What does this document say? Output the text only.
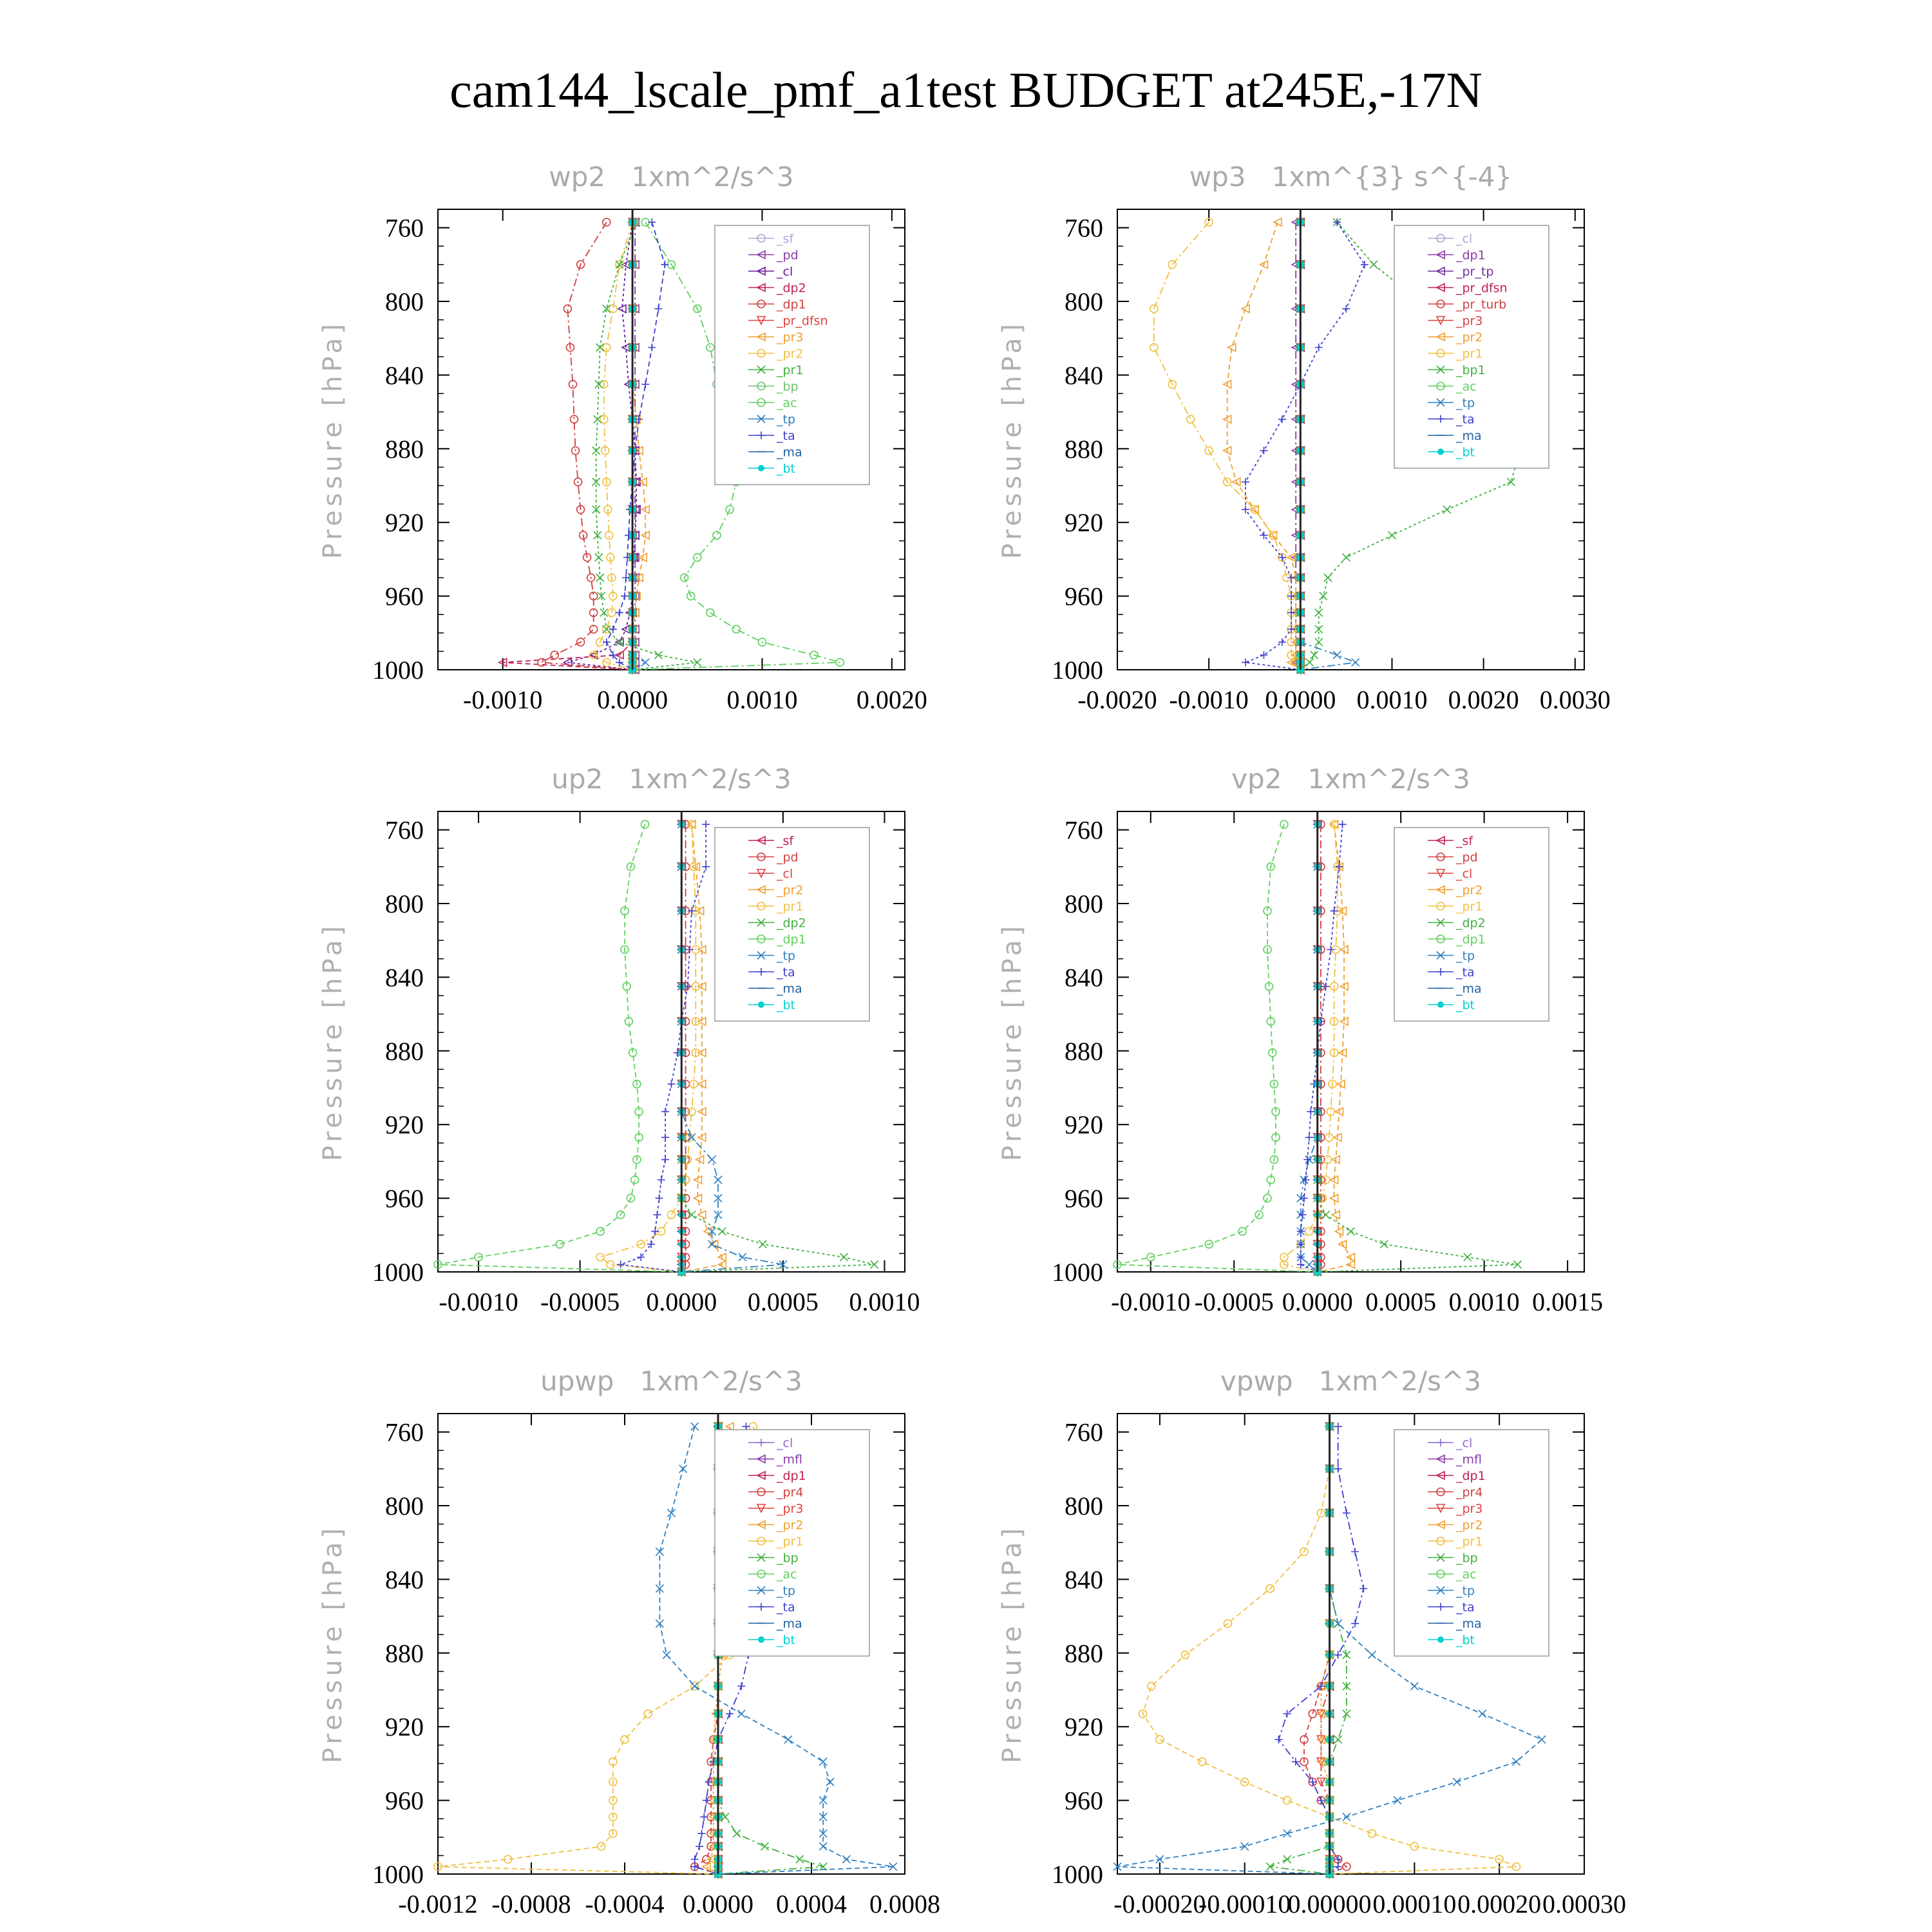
cam144_lscale_pmf_a1test BUDGET at245E,-17N
wp2   1xm^2/s^3
760
800
840
880
920
960
1000
-0.0010 0.0000 0.0010 0.0020
Pressure [hPa]
_sf
_pd
_cl
_dp2
_dp1
_pr_dfsn
_pr3
_pr2
_pr1
_bp
_ac
_tp
_ta
_ma
_bt
wp3   1xm^{3} s^{-4}
760
800
840
880
920
960
1000
-0.0020 -0.0010 0.0000 0.0010 0.0020 0.0030
Pressure [hPa]
_cl
_dp1
_pr_tp
_pr_dfsn
_pr_turb
_pr3
_pr2
_pr1
_bp1
_ac
_tp
_ta
_ma
_bt
up2   1xm^2/s^3
760
800
840
880
920
960
1000
-0.0010 -0.0005 0.0000 0.0005 0.0010
Pressure [hPa]
_sf
_pd
_cl
_pr2
_pr1
_dp2
_dp1
_tp
_ta
_ma
_bt
vp2   1xm^2/s^3
760
800
840
880
920
960
1000
-0.0010 -0.0005 0.0000 0.0005 0.0010 0.0015
Pressure [hPa]
_sf
_pd
_cl
_pr2
_pr1
_dp2
_dp1
_tp
_ta
_ma
_bt
upwp   1xm^2/s^3
760
800
840
880
920
960
1000
-0.0012 -0.0008 -0.0004 0.0000 0.0004 0.0008
Pressure [hPa]
_cl
_mfl
_dp1
_pr4
_pr3
_pr2
_pr1
_bp
_ac
_tp
_ta
_ma
_bt
vpwp   1xm^2/s^3
760
800
840
880
920
960
1000
-0.00020
-0.00010
0.00000 0.00010 0.00020 0.00030
Pressure [hPa]
_cl
_mfl
_dp1
_pr4
_pr3
_pr2
_pr1
_bp
_ac
_tp
_ta
_ma
_bt
